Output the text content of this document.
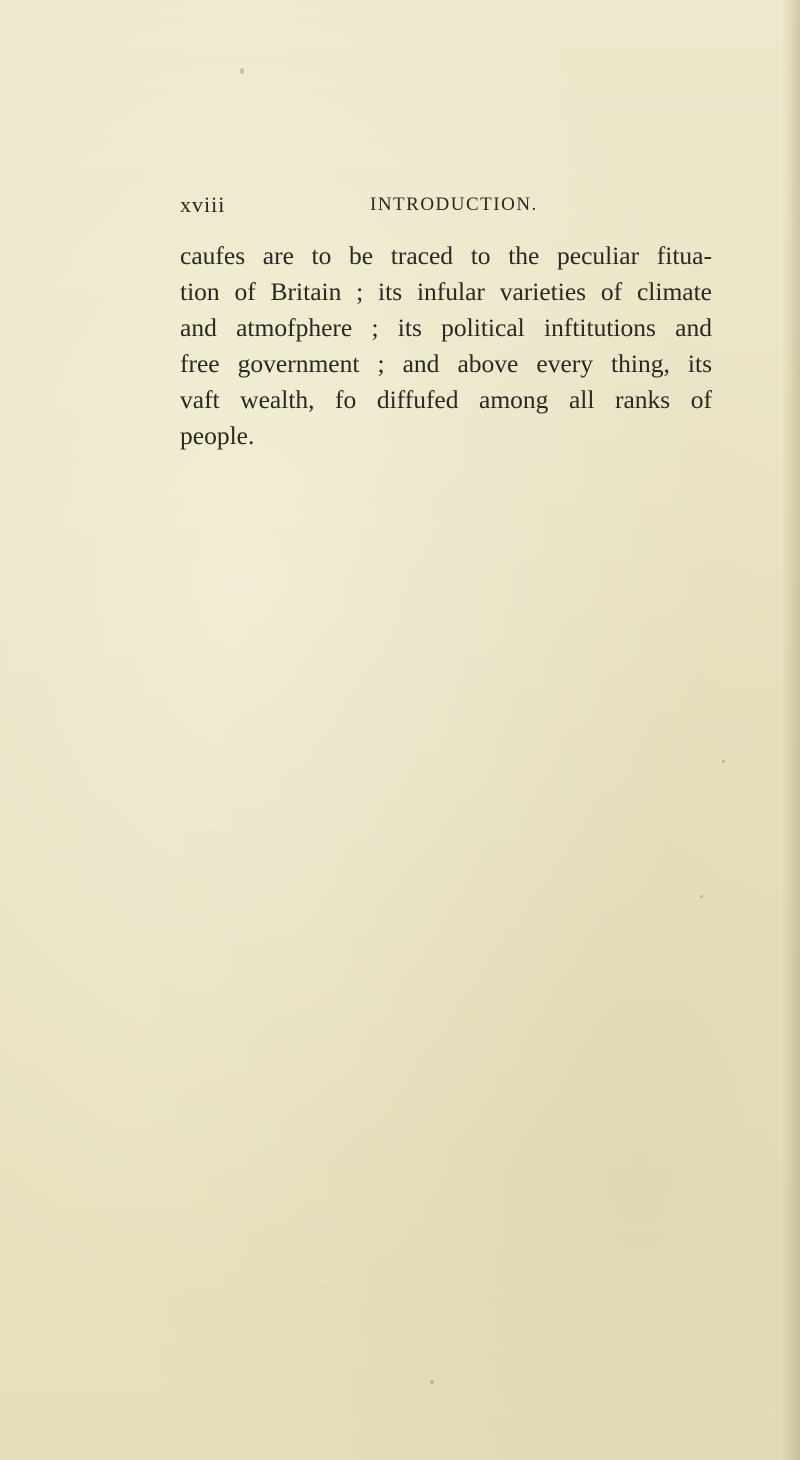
xviii	INTRODUCTION.
caufes are to be traced to the peculiar fitua-
tion of Britain ; its infular varieties of climate
and atmofphere ; its political inftitutions and
free government ; and above every thing, its
vaft wealth, fo diffufed among all ranks of
people.
